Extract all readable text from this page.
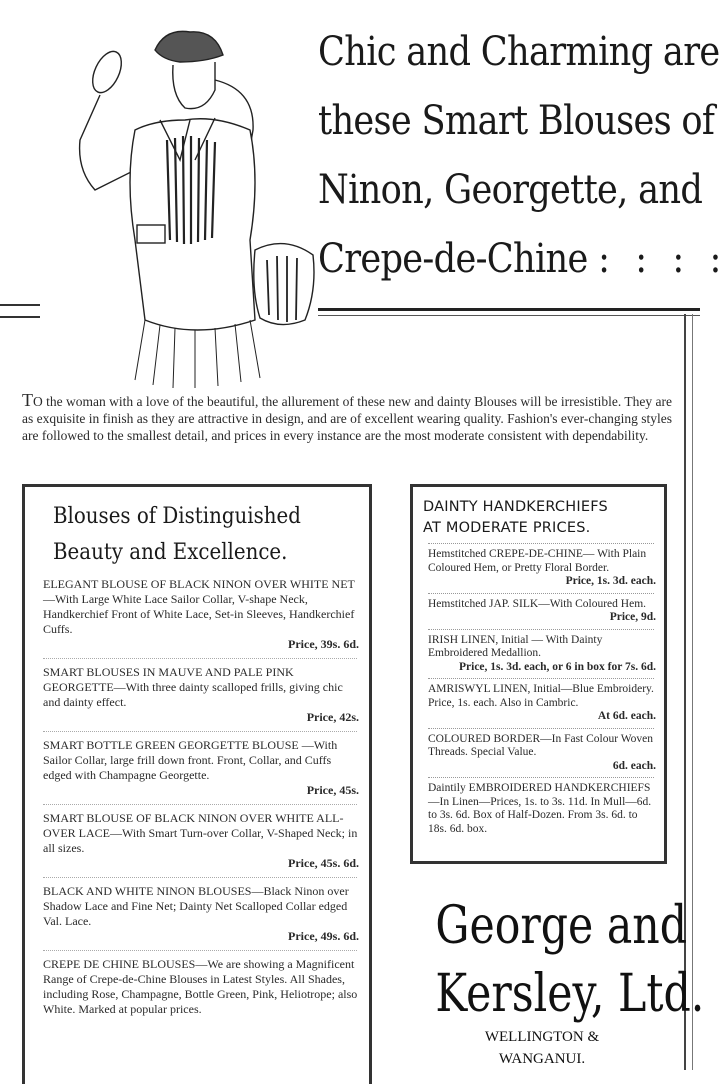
Chic and Charming are
these Smart Blouses of
Ninon, Georgette, and
Crepe-de-Chine : : : :
TO the woman with a love of the beautiful, the allurement of these new and dainty Blouses will be irresistible. They are as exquisite in finish as they are attractive in design, and are of excellent wearing quality. Fashion's ever-changing styles are followed to the smallest detail, and prices in every instance are the most moderate consistent with dependability.
Blouses of Distinguished
Beauty and Excellence.
ELEGANT BLOUSE OF BLACK NINON OVER WHITE NET—With Large White Lace Sailor Collar, V-shape Neck, Handkerchief Front of White Lace, Set-in Sleeves, Handkerchief Cuffs.
Price, 39s. 6d.
SMART BLOUSES IN MAUVE AND PALE PINK GEORGETTE—With three dainty scalloped frills, giving chic and dainty effect.
Price, 42s.
SMART BOTTLE GREEN GEORGETTE BLOUSE —With Sailor Collar, large frill down front. Front, Collar, and Cuffs edged with Champagne Georgette.
Price, 45s.
SMART BLOUSE OF BLACK NINON OVER WHITE ALL-OVER LACE—With Smart Turn-over Collar, V-Shaped Neck; in all sizes.
Price, 45s. 6d.
BLACK AND WHITE NINON BLOUSES—Black Ninon over Shadow Lace and Fine Net; Dainty Net Scalloped Collar edged Val. Lace.
Price, 49s. 6d.
CREPE DE CHINE BLOUSES—We are showing a Magnificent Range of Crepe-de-Chine Blouses in Latest Styles. All Shades, including Rose, Champagne, Bottle Green, Pink, Heliotrope; also White. Marked at popular prices.
DAINTY HANDKERCHIEFS
AT MODERATE PRICES.
Hemstitched CREPE-DE-CHINE— With Plain Coloured Hem, or Pretty Floral Border.
Price, 1s. 3d. each.
Hemstitched JAP. SILK—With Coloured Hem.
Price, 9d.
IRISH LINEN, Initial — With Dainty Embroidered Medallion.
Price, 1s. 3d. each, or 6 in box for 7s. 6d.
AMRISWYL LINEN, Initial—Blue Embroidery. Price, 1s. each. Also in Cambric.
At 6d. each.
COLOURED BORDER—In Fast Colour Woven Threads. Special Value.
6d. each.
Daintily EMBROIDERED HANDKERCHIEFS—In Linen—Prices, 1s. to 3s. 11d. In Mull—6d. to 3s. 6d. Box of Half-Dozen. From 3s. 6d. to 18s. 6d. box.
George and
Kersley, Ltd.
WELLINGTON &
WANGANUI.
